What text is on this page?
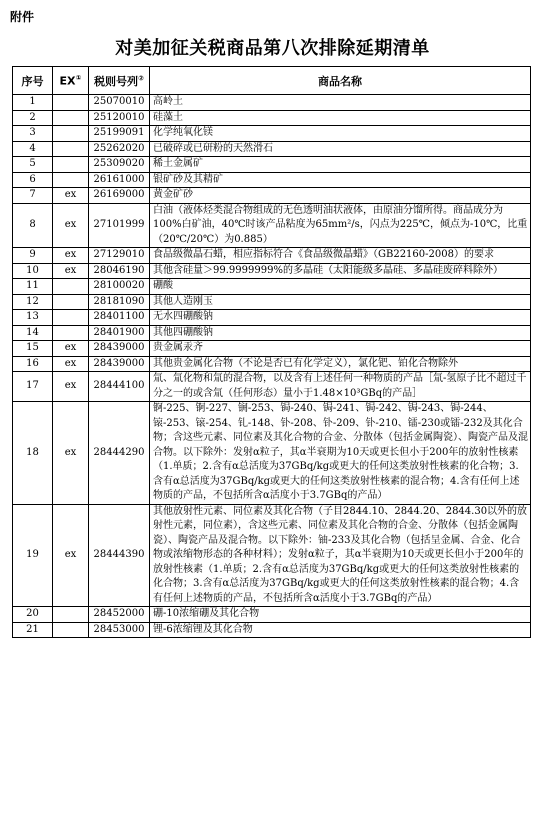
附件
对美加征关税商品第八次排除延期清单
序号	EX①	税则号列②	商品名称
1		25070010	高岭土
2		25120010	硅藻土
3		25199091	化学纯氧化镁
4		25262020	已破碎或已研粉的天然滑石
5		25309020	稀土金属矿
6		26161000	银矿砂及其精矿
7	ex	26169000	黄金矿砂
8	ex	27101999	白油（液体烃类混合物组成的无色透明油状液体，由原油分馏所得。商品成分为100%白矿油，40℃时该产品粘度为65mm²/s，闪点为225℃，倾点为-10℃，比重（20℃/20℃）为0.885）
9	ex	27129010	食品级微晶石蜡，相应指标符合《食品级微晶蜡》（GB22160-2008）的要求
10	ex	28046190	其他含硅量＞99.9999999%的多晶硅（太阳能级多晶硅、多晶硅废碎料除外）
11		28100020	硼酸
12		28181090	其他人造刚玉
13		28401100	无水四硼酸钠
14		28401900	其他四硼酸钠
15	ex	28439000	贵金属汞齐
16	ex	28439000	其他贵金属化合物（不论是否已有化学定义），氯化钯、铂化合物除外
17	ex	28444100	氚、氚化物和氚的混合物，以及含有上述任何一种物质的产品［氚-氢原子比不超过千分之一的或含氚（任何形态）量小于1.48×10³GBq的产品］
18	ex	28444290	锕-225、锕-227、锎-253、锔-240、锔-241、锔-242、锔-243、锔-244、锿-253、锿-254、钆-148、钋-208、钋-209、钋-210、镭-230或镭-232及其化合物；含这些元素、同位素及其化合物的合金、分散体（包括金属陶瓷）、陶瓷产品及混合物。以下除外：发射α粒子，其α半衰期为10天或更长但小于200年的放射性核素（1.单质；2.含有α总活度为37GBq/kg或更大的任何这类放射性核素的化合物；3.含有α总活度为37GBq/kg或更大的任何这类放射性核素的混合物；4.含有任何上述物质的产品，不包括所含α活度小于3.7GBq的产品）
19	ex	28444390	其他放射性元素、同位素及其化合物（子目2844.10、2844.20、2844.30以外的放射性元素，同位素），含这些元素、同位素及其化合物的合金、分散体（包括金属陶瓷）、陶瓷产品及混合物。以下除外：铀-233及其化合物（包括呈金属、合金、化合物或浓缩物形态的各种材料）；发射α粒子，其α半衰期为10天或更长但小于200年的放射性核素（1.单质；2.含有α总活度为37GBq/kg或更大的任何这类放射性核素的化合物；3.含有α总活度为37GBq/kg或更大的任何这类放射性核素的混合物；4.含有任何上述物质的产品，不包括所含α活度小于3.7GBq的产品）
20		28452000	硼-10浓缩硼及其化合物
21		28453000	锂-6浓缩锂及其化合物
